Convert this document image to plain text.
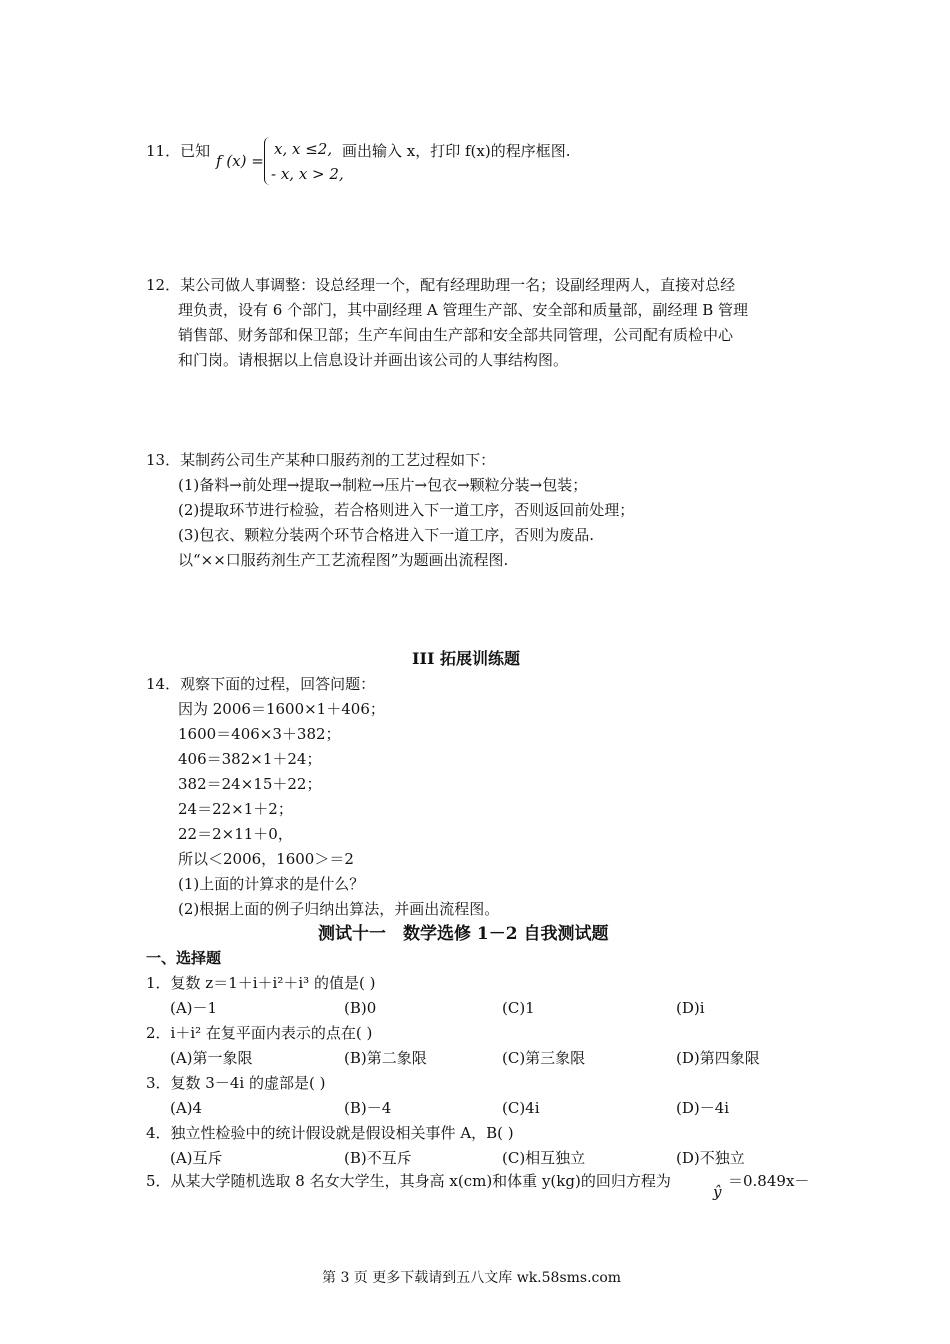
11．已知
f (x) =
x, x ≤2,
- x, x > 2,
画出输入 x，打印 f(x)的程序框图.
12．某公司做人事调整：设总经理一个，配有经理助理一名；设副经理两人，直接对总经
理负责，设有 6 个部门，其中副经理 A 管理生产部、安全部和质量部，副经理 B 管理
销售部、财务部和保卫部；生产车间由生产部和安全部共同管理，公司配有质检中心
和门岗。请根据以上信息设计并画出该公司的人事结构图。
13．某制药公司生产某种口服药剂的工艺过程如下：
(1)备料→前处理→提取→制粒→压片→包衣→颗粒分装→包装；
(2)提取环节进行检验，若合格则进入下一道工序，否则返回前处理；
(3)包衣、颗粒分装两个环节合格进入下一道工序，否则为废品.
以“××口服药剂生产工艺流程图”为题画出流程图.
III 拓展训练题
14．观察下面的过程，回答问题：
因为 2006＝1600×1＋406；
1600＝406×3＋382；
406＝382×1＋24；
382＝24×15＋22；
24＝22×1＋2；
22＝2×11＋0，
所以＜2006，1600＞＝2
(1)上面的计算求的是什么？
(2)根据上面的例子归纳出算法，并画出流程图。
测试十一　数学选修 1－2 自我测试题
一、选择题
1．复数 z＝1＋i＋i²＋i³ 的值是( )
(A)－1	(B)0	(C)1	(D)i
2．i＋i² 在复平面内表示的点在( )
(A)第一象限	(B)第二象限	(C)第三象限	(D)第四象限
3．复数 3－4i 的虚部是( )
(A)4	(B)－4	(C)4i	(D)－4i
4．独立性检验中的统计假设就是假设相关事件 A，B( )
(A)互斥	(B)不互斥	(C)相互独立	(D)不独立
5．从某大学随机选取 8 名女大学生，其身高 x(cm)和体重 y(kg)的回归方程为
ŷ
＝0.849x－
第 3 页 更多下载请到五八文库 wk.58sms.com
